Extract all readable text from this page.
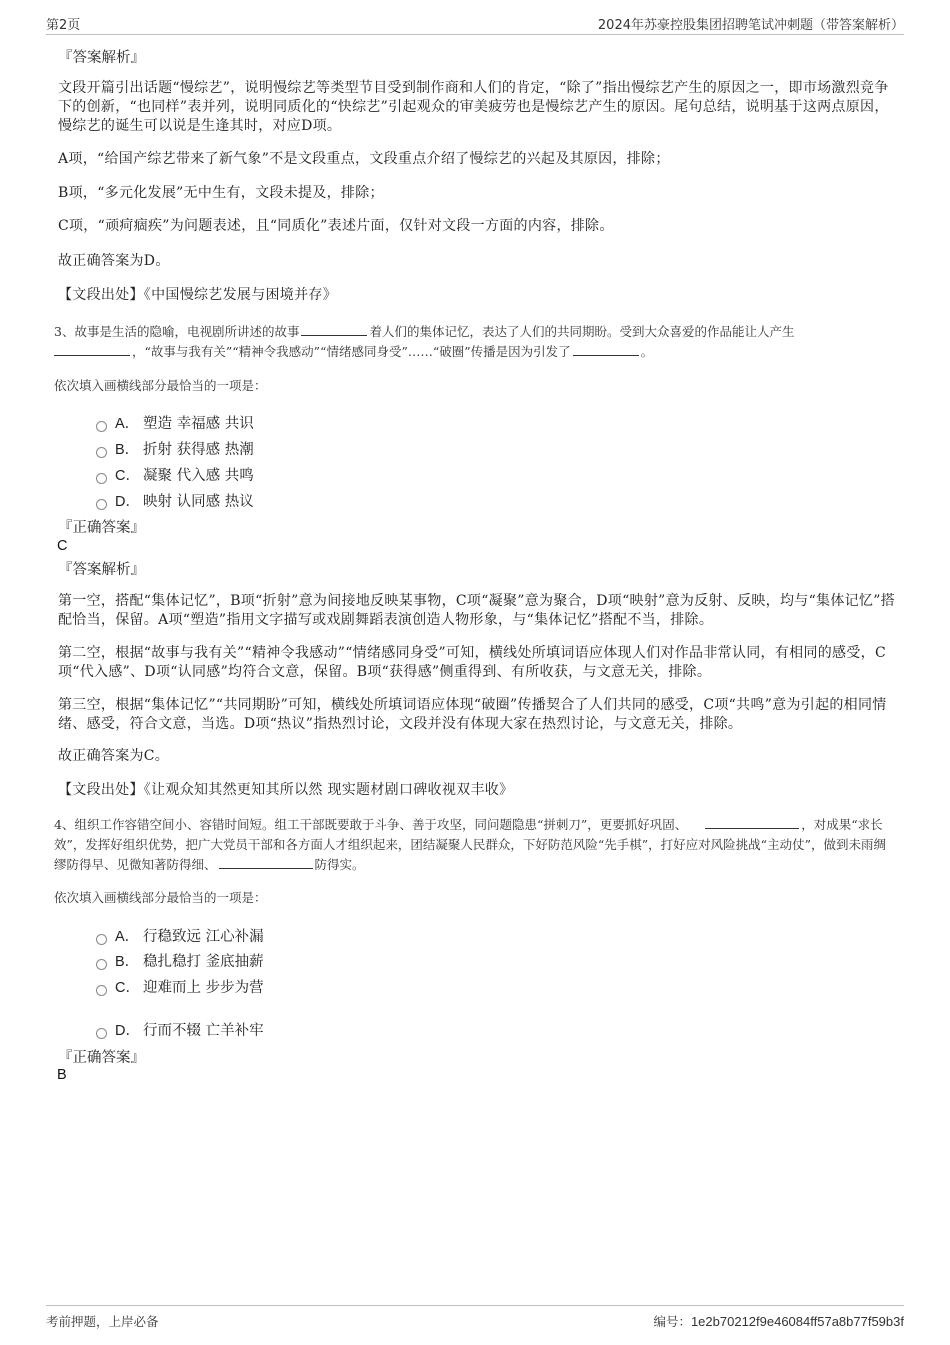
第2页	2024年苏豪控股集团招聘笔试冲刺题（带答案解析）
『答案解析』
文段开篇引出话题“慢综艺”，说明慢综艺等类型节目受到制作商和人们的肯定，“除了”指出慢综艺产生的原因之一，即市场激烈竞争下的创新，“也同样”表并列，说明同质化的“快综艺”引起观众的审美疲劳也是慢综艺产生的原因。尾句总结，说明基于这两点原因，慢综艺的诞生可以说是生逢其时，对应D项。
A项，“给国产综艺带来了新气象”不是文段重点，文段重点介绍了慢综艺的兴起及其原因，排除；
B项，“多元化发展”无中生有，文段未提及，排除；
C项，“顽疴痼疾”为问题表述，且“同质化”表述片面，仅针对文段一方面的内容，排除。
故正确答案为D。
【文段出处】《中国慢综艺发展与困境并存》
3、故事是生活的隐喻，电视剧所讲述的故事	着人们的集体记忆，表达了人们的共同期盼。受到大众喜爱的作品能让人产生
，“故事与我有关”“精神令我感动”“情绪感同身受”……“破圈”传播是因为引发了	。
依次填入画横线部分最恰当的一项是：
A． 塑造 幸福感 共识
B． 折射 获得感 热潮
C． 凝聚 代入感 共鸣
D． 映射 认同感 热议
『正确答案』
C
『答案解析』
第一空，搭配“集体记忆”，B项“折射”意为间接地反映某事物，C项“凝聚”意为聚合，D项“映射”意为反射、反映，均与“集体记忆”搭配恰当，保留。A项“塑造”指用文字描写或戏剧舞蹈表演创造人物形象，与“集体记忆”搭配不当，排除。
第二空，根据“故事与我有关”“精神令我感动”“情绪感同身受”可知，横线处所填词语应体现人们对作品非常认同，有相同的感受，C项“代入感”、D项“认同感”均符合文意，保留。B项“获得感”侧重得到、有所收获，与文意无关，排除。
第三空，根据“集体记忆”“共同期盼”可知，横线处所填词语应体现“破圈”传播契合了人们共同的感受，C项“共鸣”意为引起的相同情绪、感受，符合文意，当选。D项“热议”指热烈讨论，文段并没有体现大家在热烈讨论，与文意无关，排除。
故正确答案为C。
【文段出处】《让观众知其然更知其所以然 现实题材剧口碑收视双丰收》
4、组织工作容错空间小、容错时间短。组工干部既要敢于斗争、善于攻坚，同问题隐患“拼刺刀”，更要抓好巩固、	，对成果“求长效”，发挥好组织优势，把广大党员干部和各方面人才组织起来，团结凝聚人民群众，下好防范风险“先手棋”，打好应对风险挑战“主动仗”，做到未雨绸缪防得早、见微知著防得细、	防得实。
依次填入画横线部分最恰当的一项是：
A． 行稳致远 江心补漏
B． 稳扎稳打 釜底抽薪
C． 迎难而上 步步为营
D． 行而不辍 亡羊补牢
『正确答案』
B
考前押题，上岸必备	编号：1e2b70212f9e46084ff57a8b77f59b3f
